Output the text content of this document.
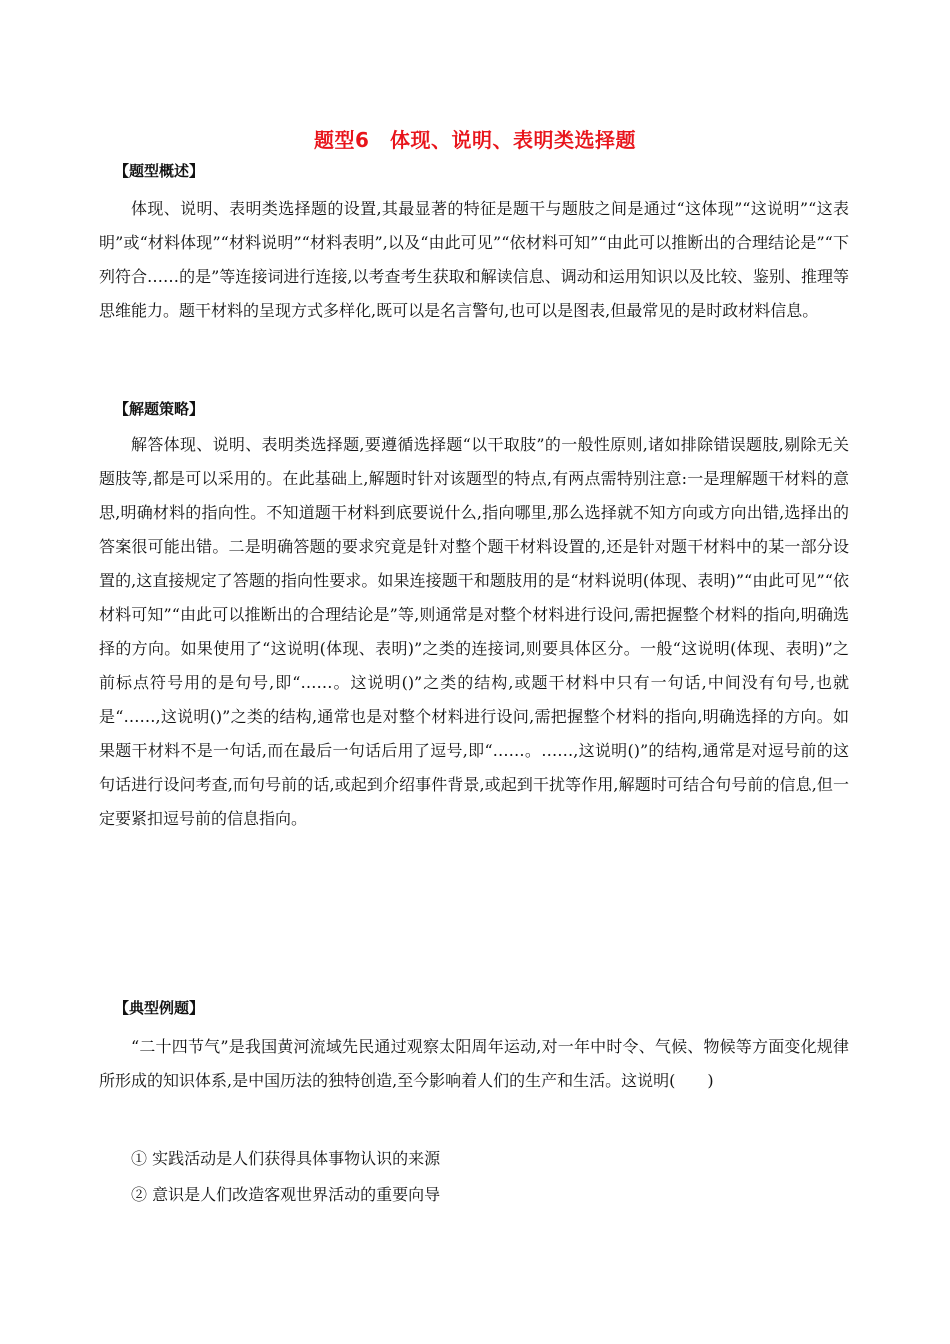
题型6　体现、说明、表明类选择题
【题型概述】

体现、说明、表明类选择题的设置,其最显著的特征是题干与题肢之间是通过“这体现”“这说明”“这表明”或“材料体现”“材料说明”“材料表明”,以及“由此可见”“依材料可知”“由此可以推断出的合理结论是”“下列符合……的是”等连接词进行连接,以考查考生获取和解读信息、调动和运用知识以及比较、鉴别、推理等思维能力。题干材料的呈现方式多样化,既可以是名言警句,也可以是图表,但最常见的是时政材料信息。

【解题策略】

解答体现、说明、表明类选择题,要遵循选择题“以干取肢”的一般性原则,诸如排除错误题肢,剔除无关题肢等,都是可以采用的。在此基础上,解题时针对该题型的特点,有两点需特别注意:一是理解题干材料的意思,明确材料的指向性。不知道题干材料到底要说什么,指向哪里,那么选择就不知方向或方向出错,选择出的答案很可能出错。二是明确答题的要求究竟是针对整个题干材料设置的,还是针对题干材料中的某一部分设置的,这直接规定了答题的指向性要求。如果连接题干和题肢用的是“材料说明(体现、表明)”“由此可见”“依材料可知”“由此可以推断出的合理结论是”等,则通常是对整个材料进行设问,需把握整个材料的指向,明确选择的方向。如果使用了“这说明(体现、表明)”之类的连接词,则要具体区分。一般“这说明(体现、表明)”之前标点符号用的是句号,即“……。这说明()”之类的结构,或题干材料中只有一句话,中间没有句号,也就是“……,这说明()”之类的结构,通常也是对整个材料进行设问,需把握整个材料的指向,明确选择的方向。如果题干材料不是一句话,而在最后一句话后用了逗号,即“……。……,这说明()”的结构,通常是对逗号前的这句话进行设问考查,而句号前的话,或起到介绍事件背景,或起到干扰等作用,解题时可结合句号前的信息,但一定要紧扣逗号前的信息指向。

【典型例题】

“二十四节气”是我国黄河流域先民通过观察太阳周年运动,对一年中时令、气候、物候等方面变化规律所形成的知识体系,是中国历法的独特创造,至今影响着人们的生产和生活。这说明(　　)

① 实践活动是人们获得具体事物认识的来源
② 意识是人们改造客观世界活动的重要向导
